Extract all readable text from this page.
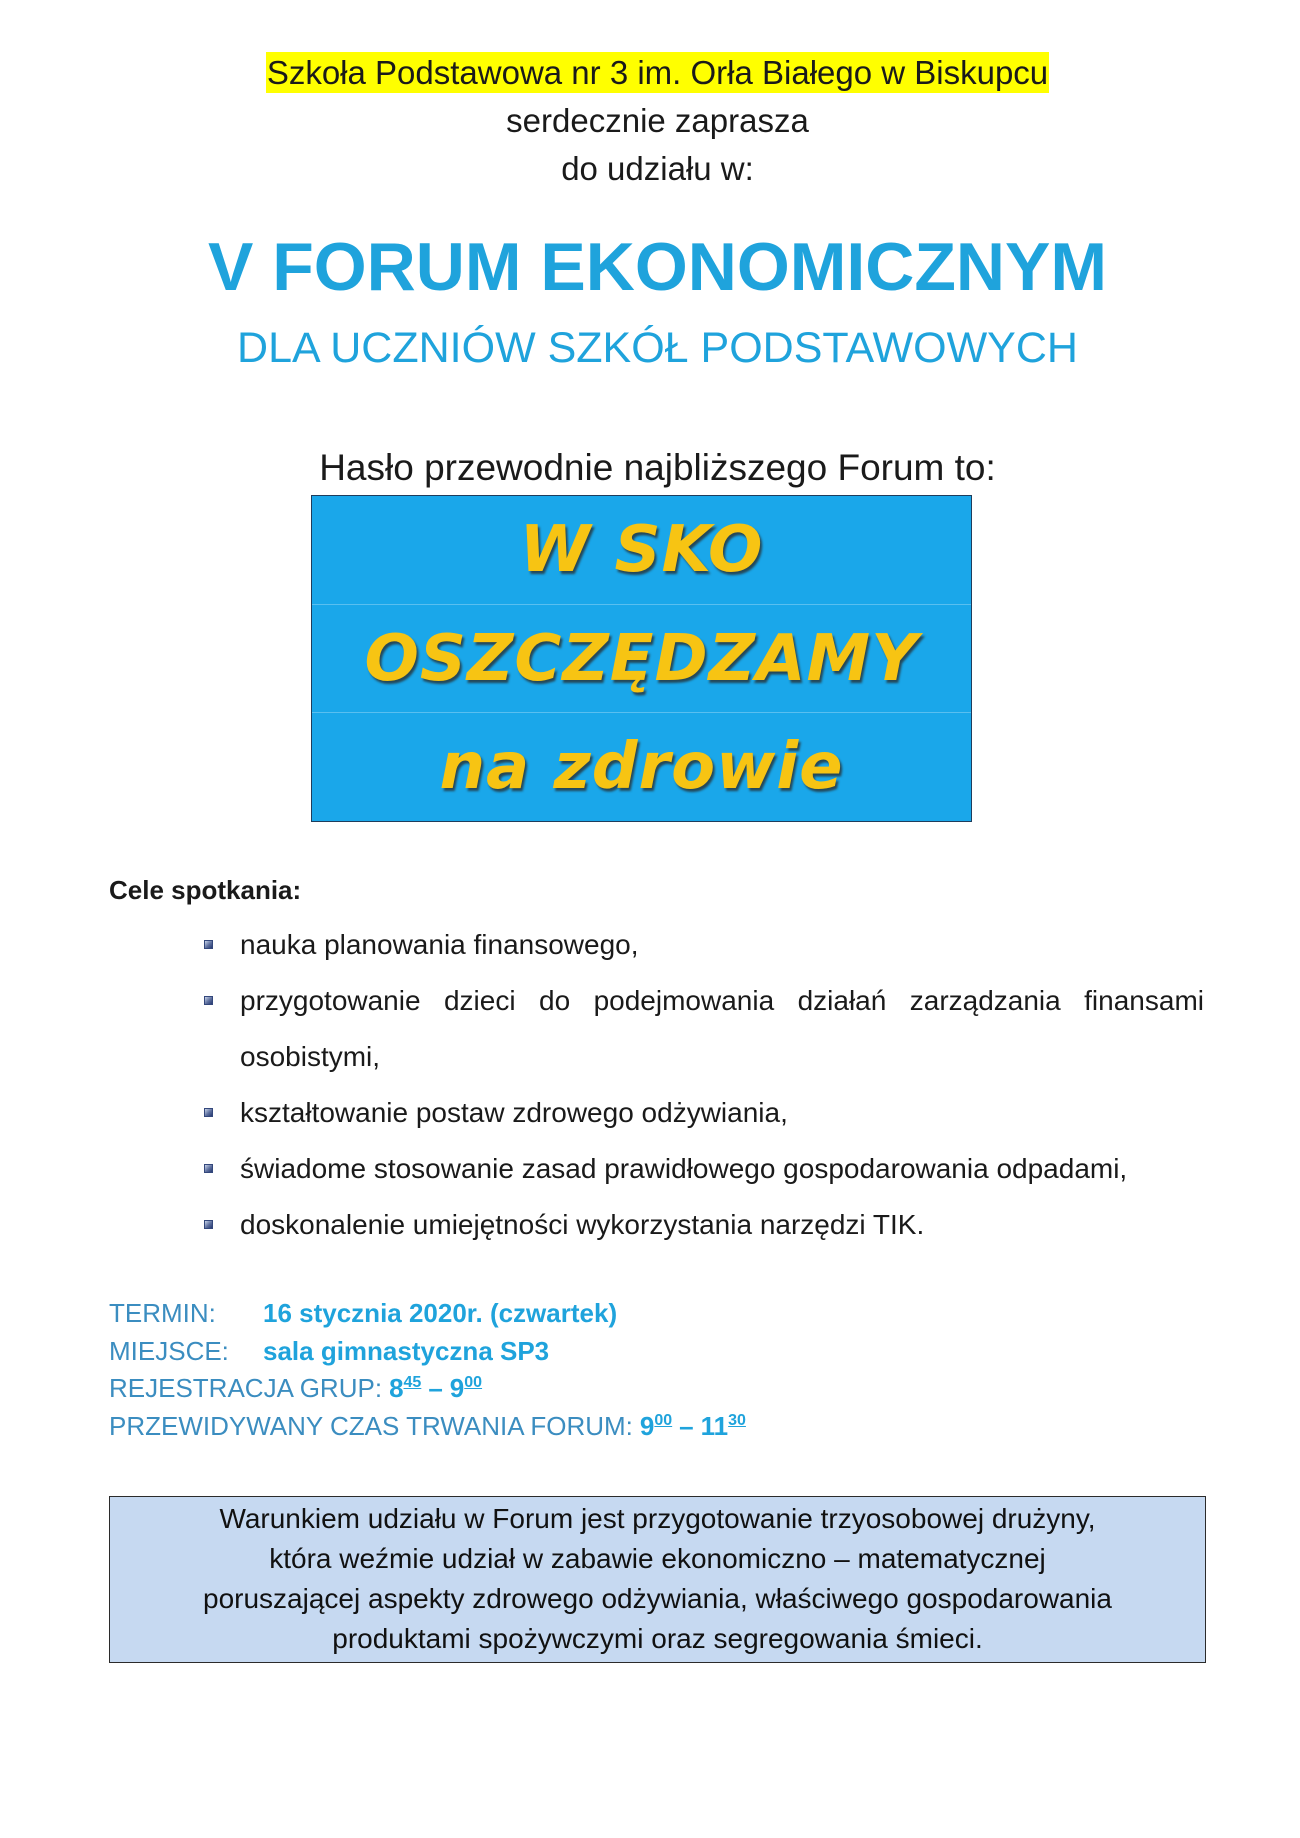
Szkoła Podstawowa nr 3 im. Orła Białego w Biskupcu
serdecznie zaprasza
do udziału w:
V FORUM EKONOMICZNYM
DLA UCZNIÓW SZKÓŁ PODSTAWOWYCH
Hasło przewodnie najbliższego Forum to:
W SKO
OSZCZĘDZAMY
na zdrowie
Cele spotkania:
nauka planowania finansowego,
przygotowanie dzieci do podejmowania działań zarządzania finansami
osobistymi,
kształtowanie postaw zdrowego odżywiania,
świadome stosowanie zasad prawidłowego gospodarowania odpadami,
doskonalenie umiejętności wykorzystania narzędzi TIK.
TERMIN: 16 stycznia 2020r. (czwartek)
MIEJSCE: sala gimnastyczna SP3
REJESTRACJA GRUP: $8^{45} - 9^{00}$
PRZEWIDYWANY CZAS TRWANIA FORUM: $9^{00} - 11^{30}$
Warunkiem udziału w Forum jest przygotowanie trzyosobowej drużyny,
która weźmie udział w zabawie ekonomiczno – matematycznej
poruszającej aspekty zdrowego odżywiania, właściwego gospodarowania
produktami spożywczymi oraz segregowania śmieci.
